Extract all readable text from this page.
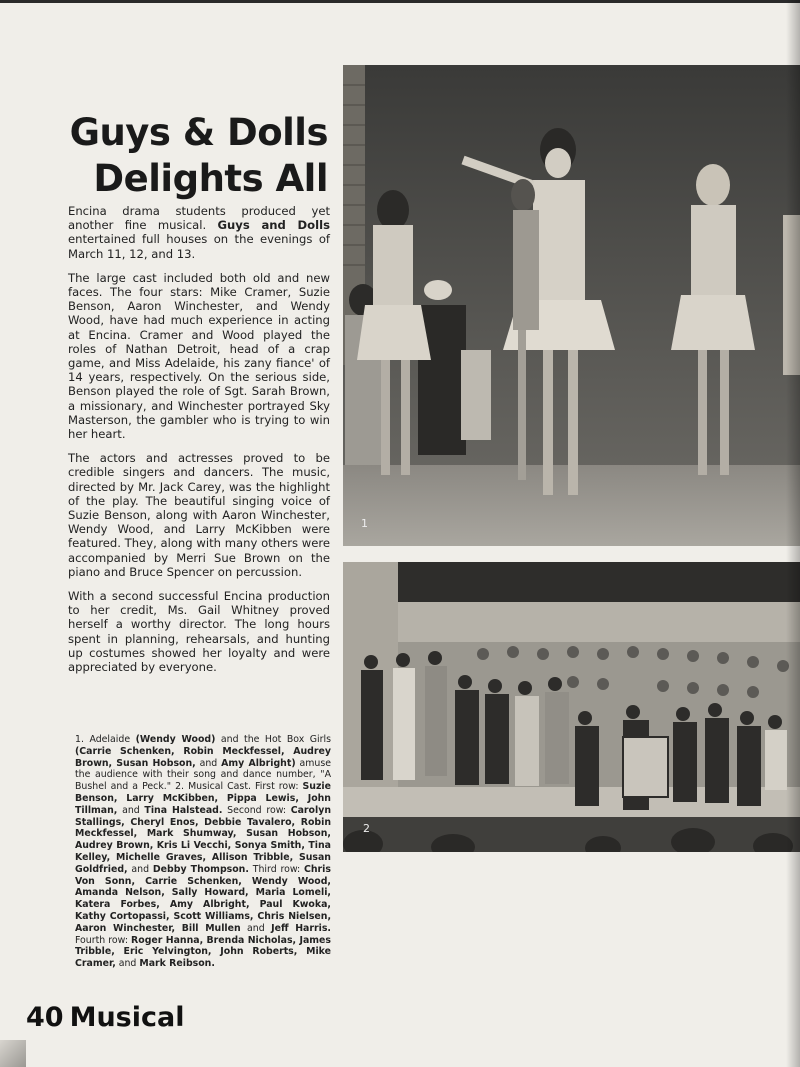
Guys & Dolls
Delights All

Encina drama students produced yet another fine musical. Guys and Dolls entertained full houses on the evenings of March 11, 12, and 13.

The large cast included both old and new faces. The four stars: Mike Cramer, Suzie Benson, Aaron Winchester, and Wendy Wood, have had much experience in acting at Encina. Cramer and Wood played the roles of Nathan Detroit, head of a crap game, and Miss Adelaide, his zany fiance' of 14 years, respectively. On the serious side, Benson played the role of Sgt. Sarah Brown, a missionary, and Winchester portrayed Sky Masterson, the gambler who is trying to win her heart.

The actors and actresses proved to be credible singers and dancers. The music, directed by Mr. Jack Carey, was the highlight of the play. The beautiful singing voice of Suzie Benson, along with Aaron Winchester, Wendy Wood, and Larry McKibben were featured. They, along with many others were accompanied by Merri Sue Brown on the piano and Bruce Spencer on percussion.

With a second successful Encina production to her credit, Ms. Gail Whitney proved herself a worthy director. The long hours spent in planning, rehearsals, and hunting up costumes showed her loyalty and were appreciated by everyone.

1. Adelaide (Wendy Wood) and the Hot Box Girls (Carrie Schenken, Robin Meckfessel, Audrey Brown, Susan Hobson, and Amy Albright) amuse the audience with their song and dance number, "A Bushel and a Peck." 2. Musical Cast. First row: Suzie Benson, Larry McKibben, Pippa Lewis, John Tillman, and Tina Halstead. Second row: Carolyn Stallings, Cheryl Enos, Debbie Tavalero, Robin Meckfessel, Mark Shumway, Susan Hobson, Audrey Brown, Kris Li Vecchi, Sonya Smith, Tina Kelley, Michelle Graves, Allison Tribble, Susan Goldfried, and Debby Thompson. Third row: Chris Von Sonn, Carrie Schenken, Wendy Wood, Amanda Nelson, Sally Howard, Maria Lomeli, Katera Forbes, Amy Albright, Paul Kwoka, Kathy Cortopassi, Scott Williams, Chris Nielsen, Aaron Winchester, Bill Mullen and Jeff Harris. Fourth row: Roger Hanna, Brenda Nicholas, James Tribble, Eric Yelvington, John Roberts, Mike Cramer, and Mark Reibson.
1
2
40 Musical
